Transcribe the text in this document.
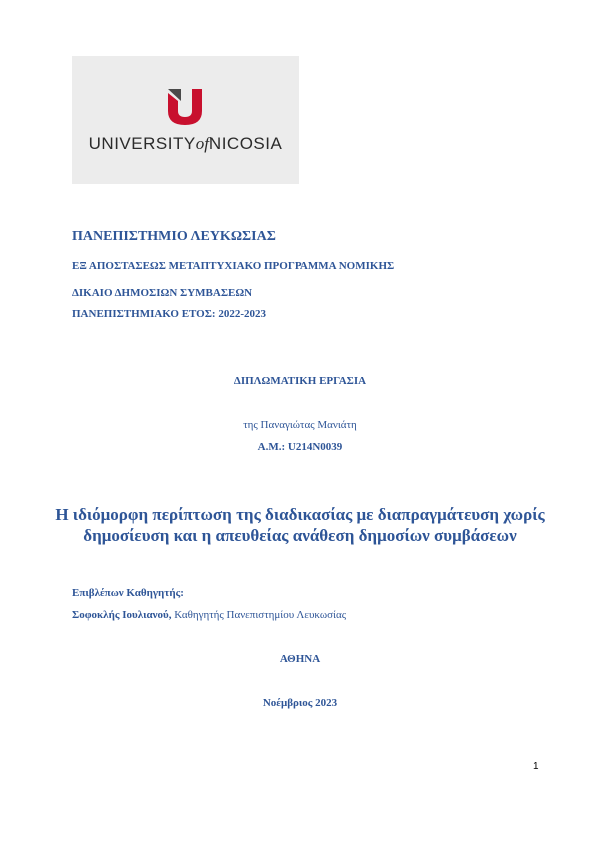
UNIVERSITYofNICOSIA
ΠΑΝΕΠΙΣΤΗΜΙΟ ΛΕΥΚΩΣΙΑΣ
ΕΞ ΑΠΟΣΤΑΣΕΩΣ ΜΕΤΑΠΤΥΧΙΑΚΟ ΠΡΟΓΡΑΜΜΑ ΝΟΜΙΚΗΣ
ΔΙΚΑΙΟ ΔΗΜΟΣΙΩΝ ΣΥΜΒΑΣΕΩΝ
ΠΑΝΕΠΙΣΤΗΜΙΑΚΟ ΕΤΟΣ: 2022-2023
ΔΙΠΛΩΜΑΤΙΚΗ ΕΡΓΑΣΙΑ
της Παναγιώτας Μανιάτη
Α.Μ.: U214N0039
Η ιδιόμορφη περίπτωση της διαδικασίας με διαπραγμάτευση χωρίς
δημοσίευση και η απευθείας ανάθεση δημοσίων συμβάσεων
Επιβλέπων Καθηγητής:
Σοφοκλής Ιουλιανού, Καθηγητής Πανεπιστημίου Λευκωσίας
ΑΘΗΝΑ
Νοέμβριος 2023
1
